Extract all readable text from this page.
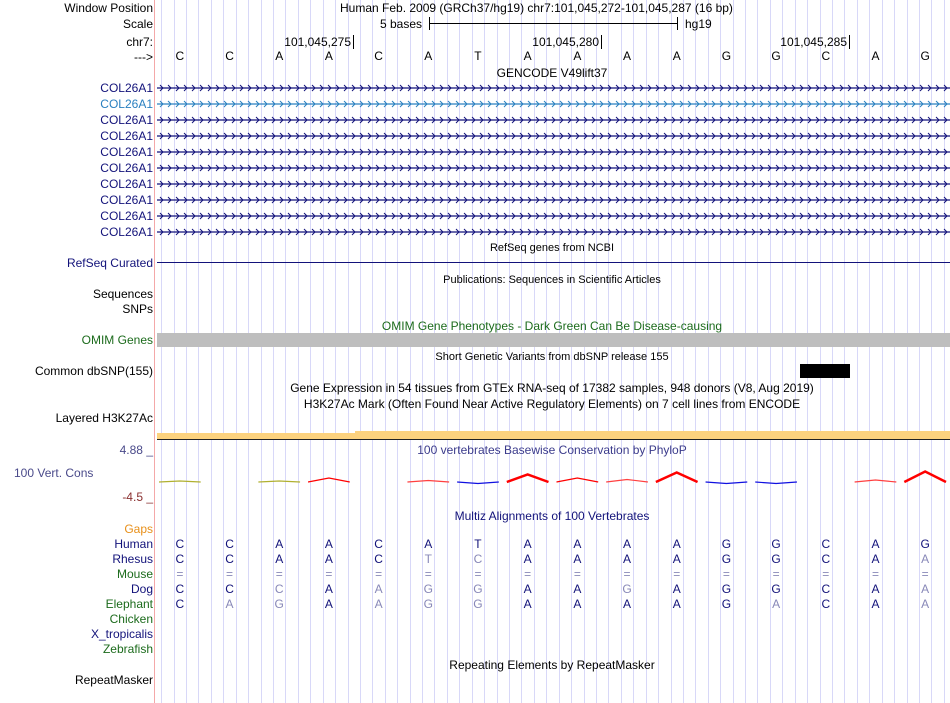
Window Position	Human Feb. 2009 (GRCh37/hg19) chr7:101,045,272-101,045,287 (16 bp)
Scale	5 bases	hg19
chr7:	101,045,275	101,045,280	101,045,285
---> C	C	A	A	C	A	T	A	A	A	A	G	G	C	A	G
GENCODE V49lift37
COL26A1
COL26A1
COL26A1
COL26A1
COL26A1
COL26A1
COL26A1
COL26A1
COL26A1
COL26A1
RefSeq genes from NCBI
RefSeq Curated
Publications: Sequences in Scientific Articles
Sequences
SNPs
OMIM Gene Phenotypes - Dark Green Can Be Disease-causing
OMIM Genes
Short Genetic Variants from dbSNP release 155
Common dbSNP(155)
Gene Expression in 54 tissues from GTEx RNA-seq of 17382 samples, 948 donors (V8, Aug 2019)
H3K27Ac Mark (Often Found Near Active Regulatory Elements) on 7 cell lines from ENCODE
Layered H3K27Ac
4.88 _	100 vertebrates Basewise Conservation by PhyloP
100 Vert. Cons
-4.5 _
Multiz Alignments of 100 Vertebrates
Gaps
Human C	C	A	A	C	A	T	A	A	A	A	G	G	C	A	G
Rhesus C	C	A	A	C	T	C	A	A	A	A	G	G	C	A	A
Mouse =	=	=	=	=	=	=	=	=	=	=	=	=	=	=	=
Dog C	C	C	A	A	G	G	A	A	G	A	G	G	C	A	A
Elephant C	A	G	A	A	G	G	A	A	A	A	G	A	C	A	A
Chicken
X_tropicalis
Zebrafish
Repeating Elements by RepeatMasker
RepeatMasker
